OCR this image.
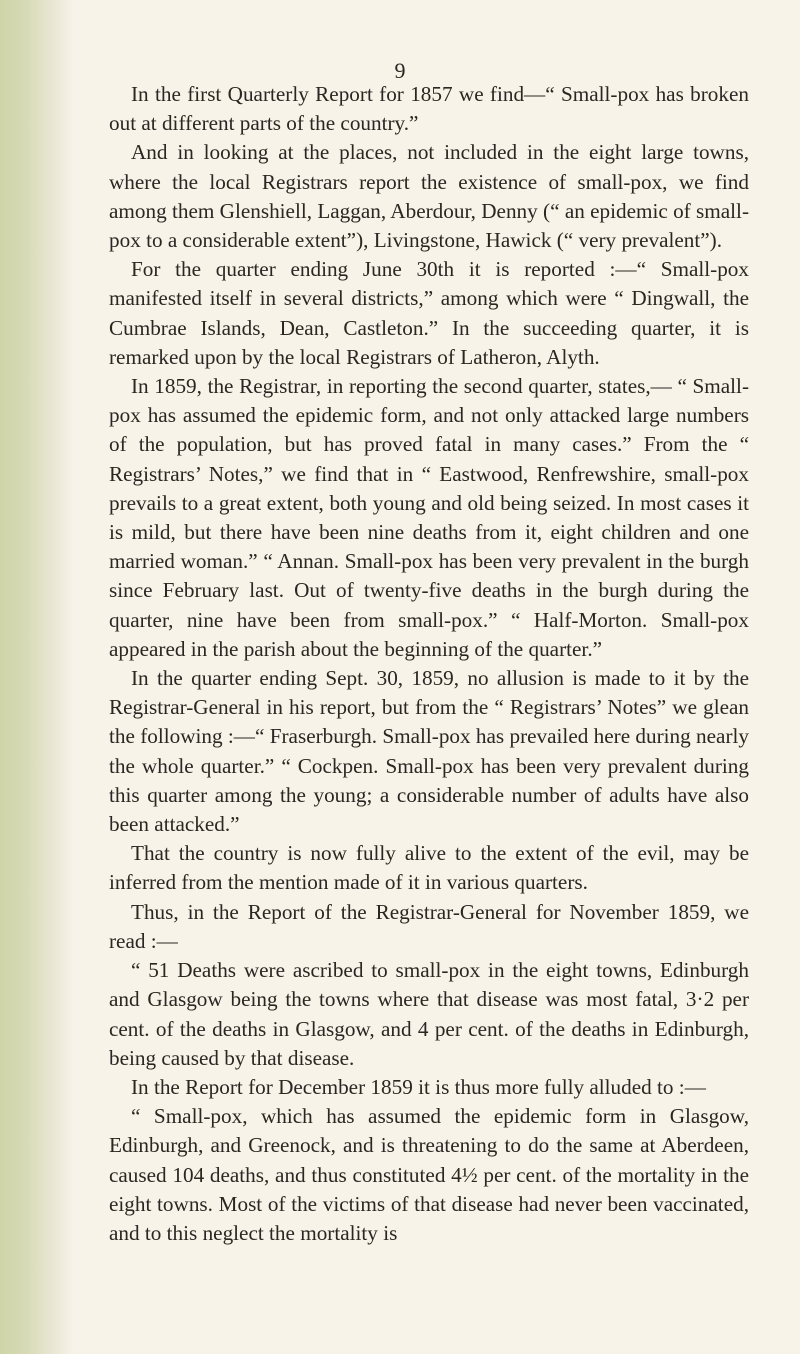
9

In the first Quarterly Report for 1857 we find—“ Small-pox has broken out at different parts of the country.”

And in looking at the places, not included in the eight large towns, where the local Registrars report the existence of small-pox, we find among them Glenshiell, Laggan, Aberdour, Denny (“ an epidemic of small-pox to a considerable extent”), Livingstone, Hawick (“ very prevalent”).

For the quarter ending June 30th it is reported :—“ Small-pox manifested itself in several districts,” among which were “ Dingwall, the Cumbrae Islands, Dean, Castleton.” In the succeeding quarter, it is remarked upon by the local Registrars of Latheron, Alyth.

In 1859, the Registrar, in reporting the second quarter, states,— “ Small-pox has assumed the epidemic form, and not only attacked large numbers of the population, but has proved fatal in many cases.” From the “ Registrars’ Notes,” we find that in “ Eastwood, Renfrewshire, small-pox prevails to a great extent, both young and old being seized. In most cases it is mild, but there have been nine deaths from it, eight children and one married woman.” “ Annan. Small-pox has been very prevalent in the burgh since February last. Out of twenty-five deaths in the burgh during the quarter, nine have been from small-pox.” “ Half-Morton. Small-pox appeared in the parish about the beginning of the quarter.”

In the quarter ending Sept. 30, 1859, no allusion is made to it by the Registrar-General in his report, but from the “ Registrars’ Notes” we glean the following :—“ Fraserburgh. Small-pox has prevailed here during nearly the whole quarter.” “ Cockpen. Small-pox has been very prevalent during this quarter among the young; a considerable number of adults have also been attacked.”

That the country is now fully alive to the extent of the evil, may be inferred from the mention made of it in various quarters.

Thus, in the Report of the Registrar-General for November 1859, we read :—

“ 51 Deaths were ascribed to small-pox in the eight towns, Edinburgh and Glasgow being the towns where that disease was most fatal, 3·2 per cent. of the deaths in Glasgow, and 4 per cent. of the deaths in Edinburgh, being caused by that disease.

In the Report for December 1859 it is thus more fully alluded to :—

“ Small-pox, which has assumed the epidemic form in Glasgow, Edinburgh, and Greenock, and is threatening to do the same at Aberdeen, caused 104 deaths, and thus constituted 4½ per cent. of the mortality in the eight towns. Most of the victims of that disease had never been vaccinated, and to this neglect the mortality is
